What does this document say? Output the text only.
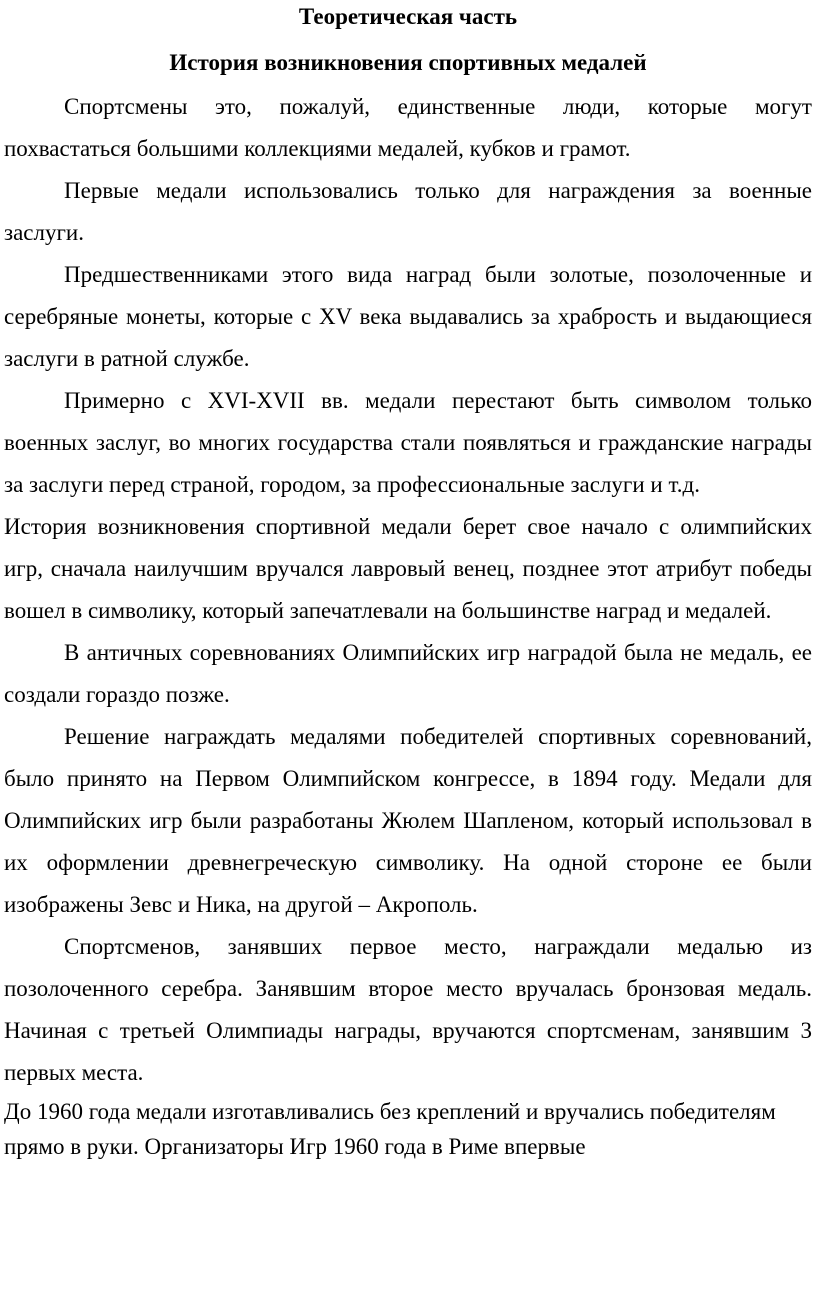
Теоретическая часть
История возникновения спортивных медалей

Спортсмены это, пожалуй, единственные люди, которые могут похвастаться большими коллекциями медалей, кубков и грамот.

Первые медали использовались только для награждения за военные заслуги.

Предшественниками этого вида наград были золотые, позолоченные и серебряные монеты, которые с XV века выдавались за храбрость и выдающиеся заслуги в ратной службе.

Примерно с XVI-XVII вв. медали перестают быть символом только военных заслуг, во многих государства стали появляться и гражданские награды за заслуги перед страной, городом, за профессиональные заслуги и т.д.

История возникновения спортивной медали берет свое начало с олимпийских игр, сначала наилучшим вручался лавровый венец, позднее этот атрибут победы вошел в символику, который запечатлевали на большинстве наград и медалей.

В античных соревнованиях Олимпийских игр наградой была не медаль, ее создали гораздо позже.

Решение награждать медалями победителей спортивных соревнований, было принято на Первом Олимпийском конгрессе, в 1894 году. Медали для Олимпийских игр были разработаны Жюлем Шапленом, который использовал в их оформлении древнегреческую символику. На одной стороне ее были изображены Зевс и Ника, на другой – Акрополь.

Спортсменов, занявших первое место, награждали медалью из позолоченного серебра. Занявшим второе место вручалась бронзовая медаль. Начиная с третьей Олимпиады награды, вручаются спортсменам, занявшим 3 первых места.

До 1960 года медали изготавливались без креплений и вручались победителям прямо в руки. Организаторы Игр 1960 года в Риме впервые
